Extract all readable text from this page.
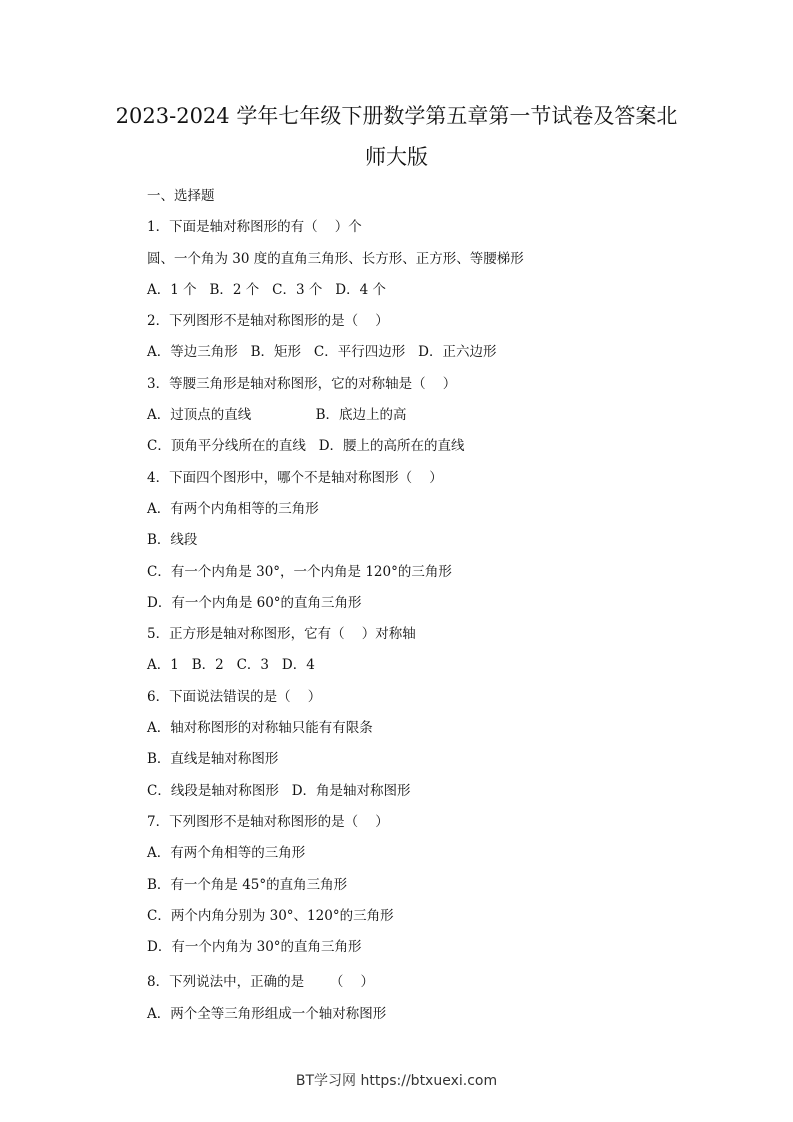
2023-2024 学年七年级下册数学第五章第一节试卷及答案北
师大版
一、选择题
1．下面是轴对称图形的有（    ）个
圆、一个角为 30 度的直角三角形、长方形、正方形、等腰梯形
A．1 个   B．2 个   C．3 个   D．4 个
2．下列图形不是轴对称图形的是（    ）
A．等边三角形   B．矩形   C．平行四边形   D．正六边形
3．等腰三角形是轴对称图形，它的对称轴是（    ）
A．过顶点的直线               B．底边上的高
C．顶角平分线所在的直线   D．腰上的高所在的直线
4．下面四个图形中，哪个不是轴对称图形（    ）
A．有两个内角相等的三角形
B．线段
C．有一个内角是 30°，一个内角是 120°的三角形
D．有一个内角是 60°的直角三角形
5．正方形是轴对称图形，它有（    ）对称轴
A．1   B．2   C．3   D．4
6．下面说法错误的是（    ）
A．轴对称图形的对称轴只能有有限条
B．直线是轴对称图形
C．线段是轴对称图形   D．角是轴对称图形
7．下列图形不是轴对称图形的是（    ）
A．有两个角相等的三角形
B．有一个角是 45°的直角三角形
C．两个内角分别为 30°、120°的三角形
D．有一个内角为 30°的直角三角形
8．下列说法中，正确的是      （    ）
A．两个全等三角形组成一个轴对称图形
BT学习网 https://btxuexi.com
